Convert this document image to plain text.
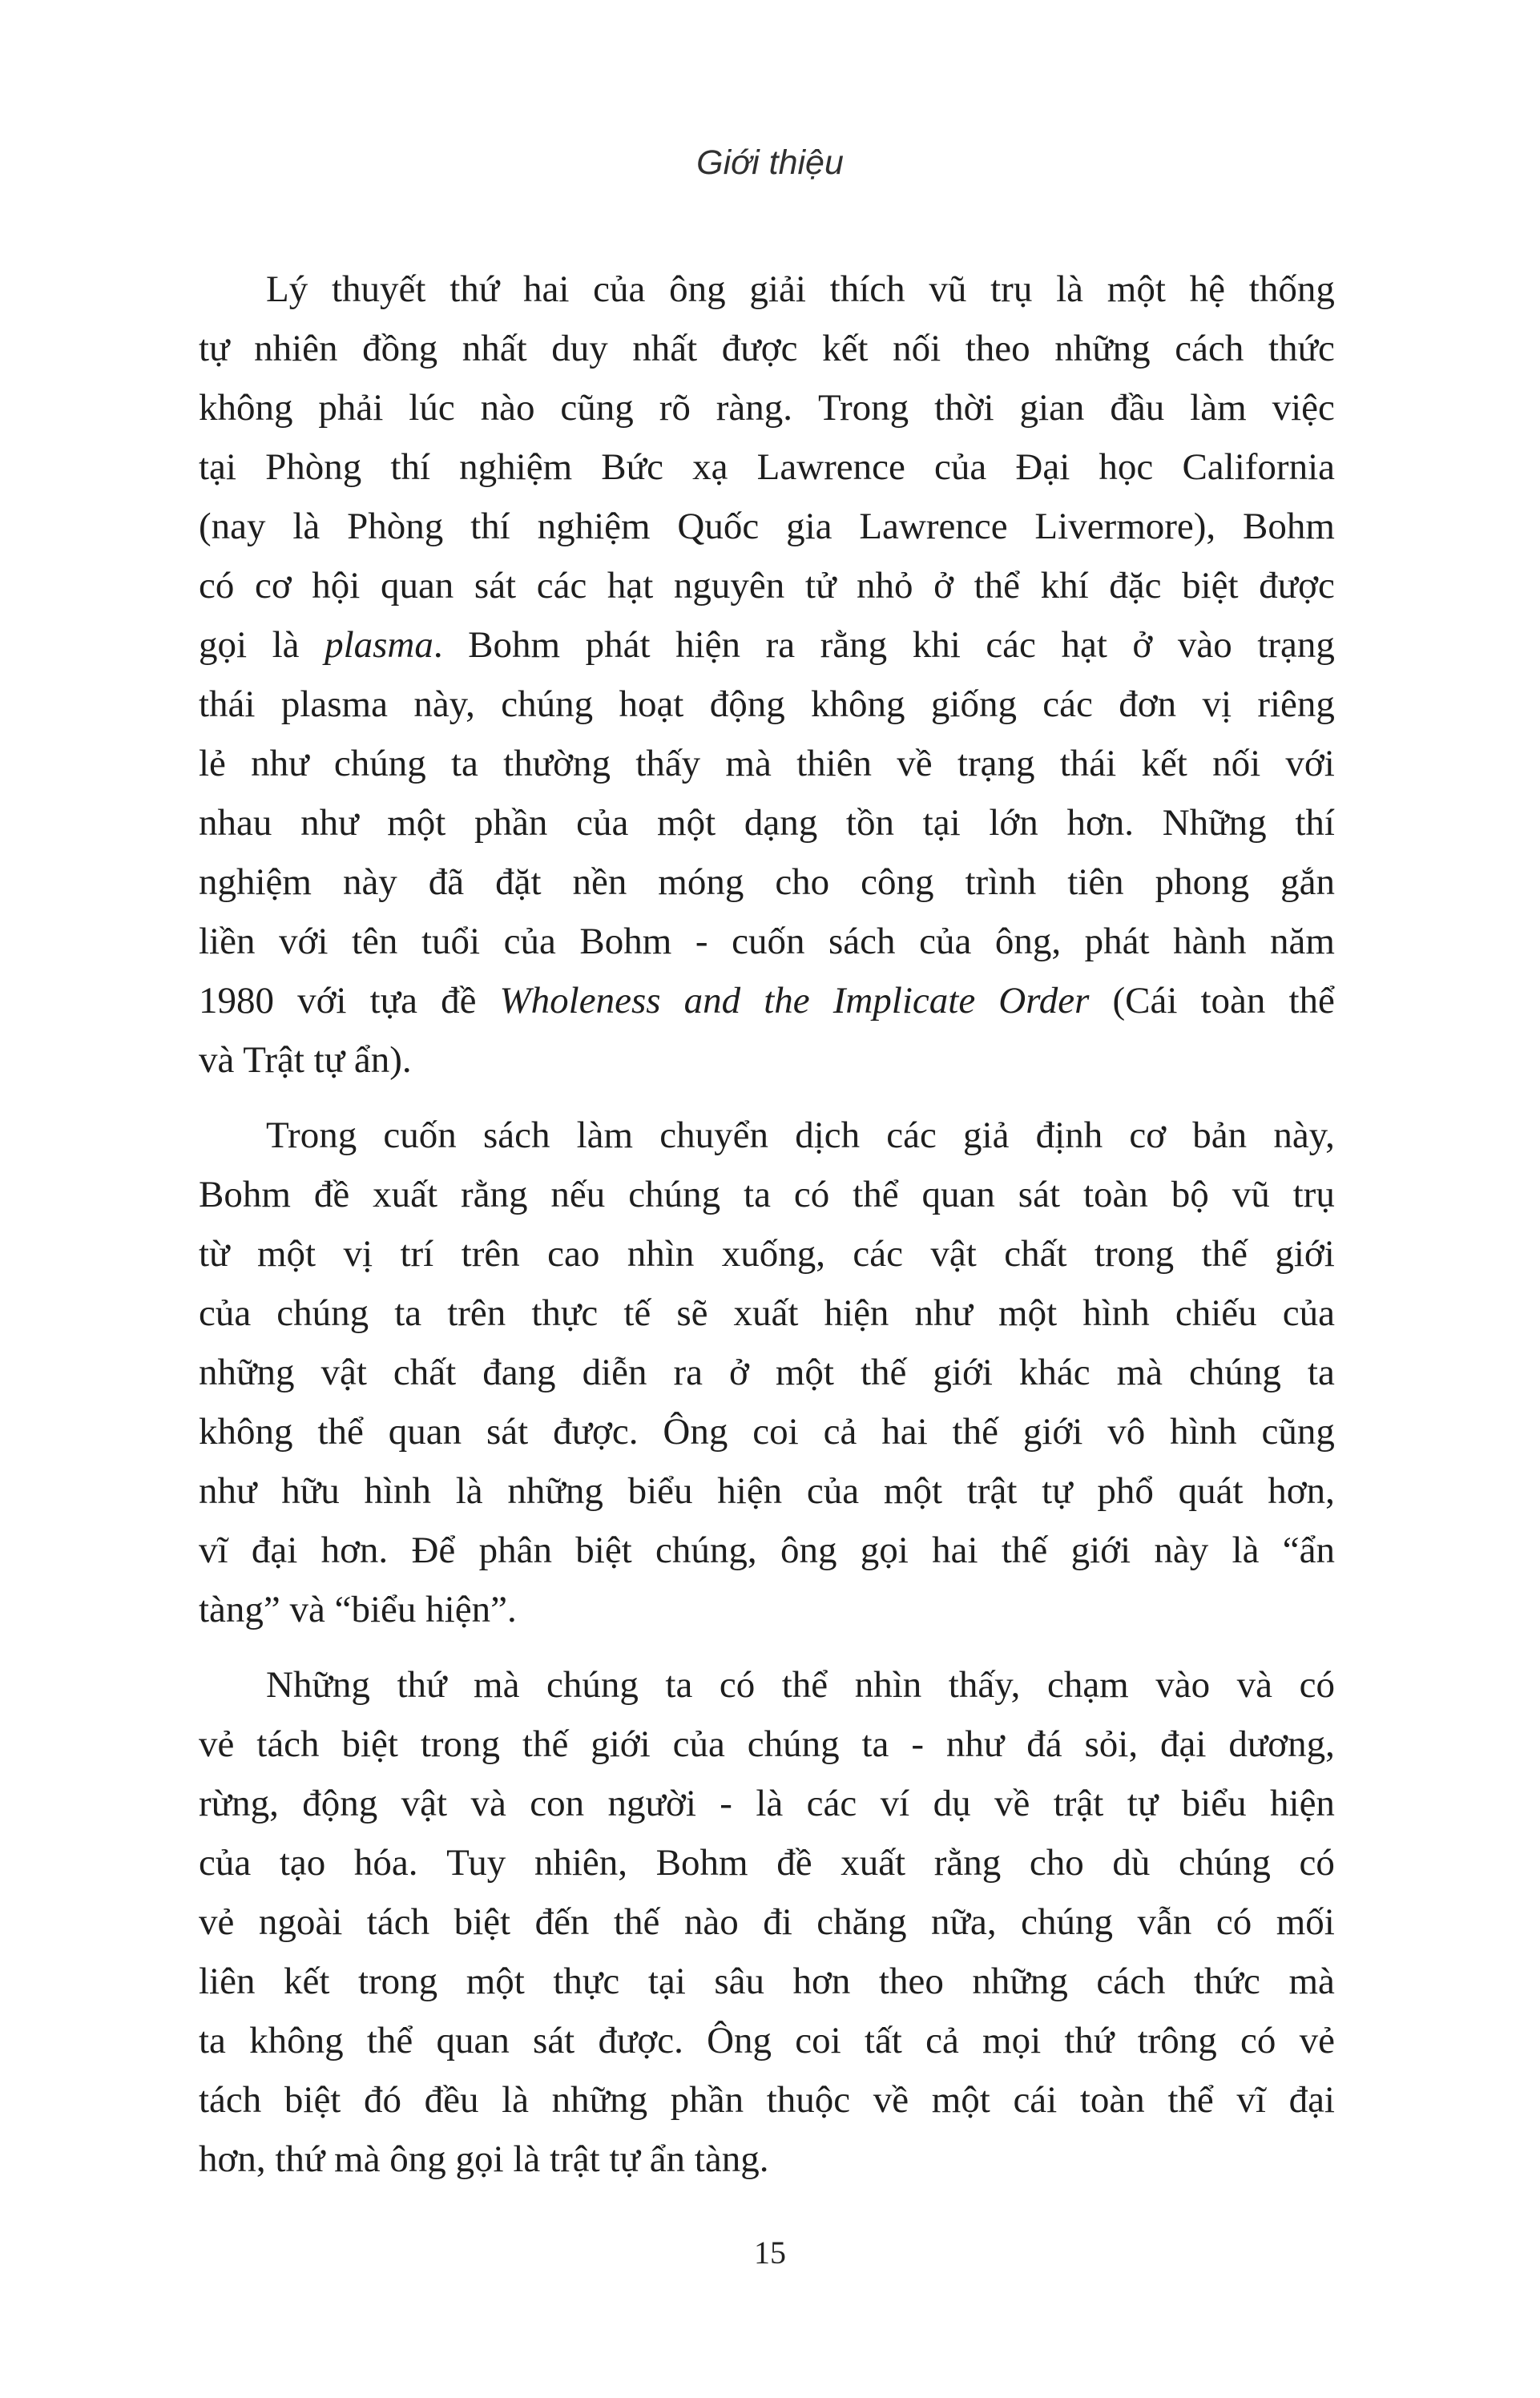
Giới thiệu
Lý thuyết thứ hai của ông giải thích vũ trụ là một hệ thống
tự nhiên đồng nhất duy nhất được kết nối theo những cách thức
không phải lúc nào cũng rõ ràng. Trong thời gian đầu làm việc
tại Phòng thí nghiệm Bức xạ Lawrence của Đại học California
(nay là Phòng thí nghiệm Quốc gia Lawrence Livermore), Bohm
có cơ hội quan sát các hạt nguyên tử nhỏ ở thể khí đặc biệt được
gọi là plasma. Bohm phát hiện ra rằng khi các hạt ở vào trạng
thái plasma này, chúng hoạt động không giống các đơn vị riêng
lẻ như chúng ta thường thấy mà thiên về trạng thái kết nối với
nhau như một phần của một dạng tồn tại lớn hơn. Những thí
nghiệm này đã đặt nền móng cho công trình tiên phong gắn
liền với tên tuổi của Bohm - cuốn sách của ông, phát hành năm
1980 với tựa đề Wholeness and the Implicate Order (Cái toàn thể
và Trật tự ẩn).
Trong cuốn sách làm chuyển dịch các giả định cơ bản này,
Bohm đề xuất rằng nếu chúng ta có thể quan sát toàn bộ vũ trụ
từ một vị trí trên cao nhìn xuống, các vật chất trong thế giới
của chúng ta trên thực tế sẽ xuất hiện như một hình chiếu của
những vật chất đang diễn ra ở một thế giới khác mà chúng ta
không thể quan sát được. Ông coi cả hai thế giới vô hình cũng
như hữu hình là những biểu hiện của một trật tự phổ quát hơn,
vĩ đại hơn. Để phân biệt chúng, ông gọi hai thế giới này là “ẩn
tàng” và “biểu hiện”.
Những thứ mà chúng ta có thể nhìn thấy, chạm vào và có
vẻ tách biệt trong thế giới của chúng ta - như đá sỏi, đại dương,
rừng, động vật và con người - là các ví dụ về trật tự biểu hiện
của tạo hóa. Tuy nhiên, Bohm đề xuất rằng cho dù chúng có
vẻ ngoài tách biệt đến thế nào đi chăng nữa, chúng vẫn có mối
liên kết trong một thực tại sâu hơn theo những cách thức mà
ta không thể quan sát được. Ông coi tất cả mọi thứ trông có vẻ
tách biệt đó đều là những phần thuộc về một cái toàn thể vĩ đại
hơn, thứ mà ông gọi là trật tự ẩn tàng.
15
